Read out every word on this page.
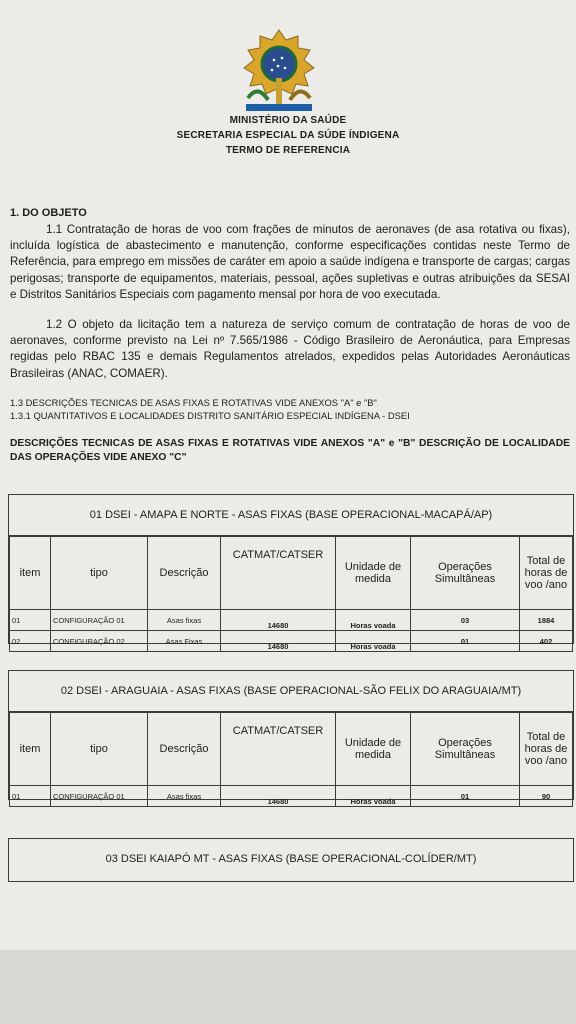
MINISTÉRIO DA SAÚDE
SECRETARIA ESPECIAL DA SÚDE ÍNDIGENA
TERMO DE REFERENCIA
1. DO OBJETO
1.1 Contratação de horas de voo com frações de minutos de aeronaves (de asa rotativa ou fixas), incluída logística de abastecimento e manutenção, conforme especificações contidas neste Termo de Referência, para emprego em missões de caráter em apoio a saúde indígena e transporte de cargas; cargas perigosas; transporte de equipamentos, materiais, pessoal, ações supletivas e outras atribuições da SESAI e Distritos Sanitários Especiais com pagamento mensal por hora de voo executada.
1.2 O objeto da licitação tem a natureza de serviço comum de contratação de horas de voo de aeronaves, conforme previsto na Lei nº 7.565/1986 - Código Brasileiro de Aeronáutica, para Empresas regidas pelo RBAC 135 e demais Regulamentos atrelados, expedidos pelas Autoridades Aeronáuticas Brasileiras (ANAC, COMAER).
1.3 DESCRIÇÕES TECNICAS DE ASAS FIXAS E ROTATIVAS VIDE ANEXOS "A" e "B"
1.3.1 QUANTITATIVOS E LOCALIDADES DISTRITO SANITÁRIO ESPECIAL INDÍGENA - DSEI
DESCRIÇÕES TECNICAS DE ASAS FIXAS E ROTATIVAS VIDE ANEXOS "A" e "B" DESCRIÇÃO DE LOCALIDADE DAS OPERAÇÕES VIDE ANEXO "C"
01 DSEI - AMAPA E NORTE - ASAS FIXAS (BASE OPERACIONAL-MACAPÁ/AP)
item	tipo	Descrição	CATMAT/CATSER	Unidade de medida	Operações Simultâneas	Total de horas de voo /ano
01	CONFIGURAÇÃO 01	Asas fixas	14680	Horas voada	03	1884
02	CONFIGURAÇÃO 02	Asas Fixas	14680	Horas voada	01	402
02 DSEI - ARAGUAIA - ASAS FIXAS (BASE OPERACIONAL-SÃO FELIX DO ARAGUAIA/MT)
item	tipo	Descrição	CATMAT/CATSER	Unidade de medida	Operações Simultâneas	Total de horas de voo /ano
01	CONFIGURAÇÃO 01	Asas fixas	14680	Horas voada	01	90
03 DSEI KAIAPÓ MT - ASAS FIXAS (BASE OPERACIONAL-COLÍDER/MT)
